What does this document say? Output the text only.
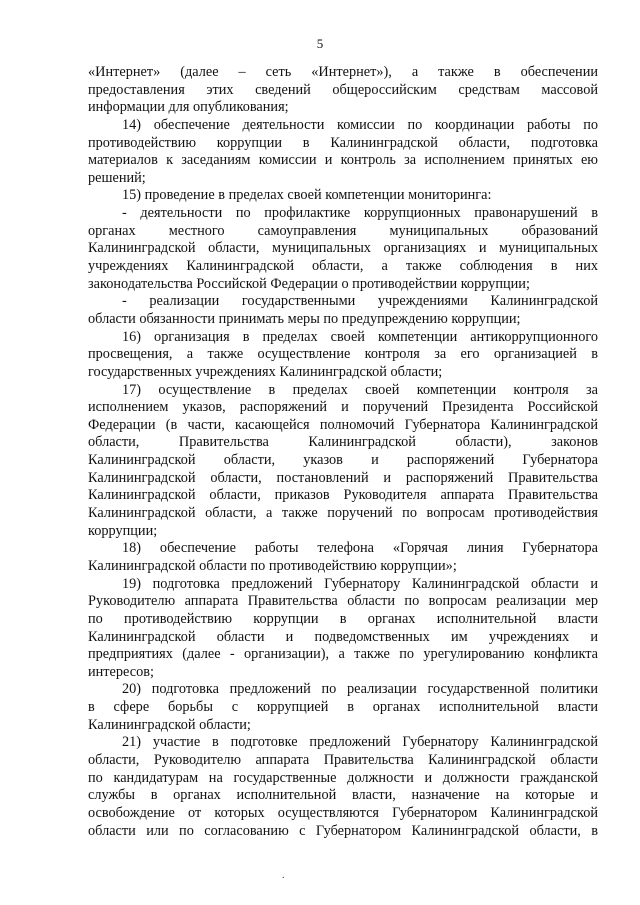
5
«Интернет» (далее – сеть «Интернет»), а также в обеспечении
предоставления этих сведений общероссийским средствам массовой
информации для опубликования;
14) обеспечение деятельности комиссии по координации работы по
противодействию коррупции в Калининградской области, подготовка
материалов к заседаниям комиссии и контроль за исполнением принятых ею
решений;
15) проведение в пределах своей компетенции мониторинга:
- деятельности по профилактике коррупционных правонарушений в
органах местного самоуправления муниципальных образований
Калининградской области, муниципальных организациях и муниципальных
учреждениях Калининградской области, а также соблюдения в них
законодательства Российской Федерации о противодействии коррупции;
- реализации государственными учреждениями Калининградской
области обязанности принимать меры по предупреждению коррупции;
16) организация в пределах своей компетенции антикоррупционного
просвещения, а также осуществление контроля за его организацией в
государственных учреждениях Калининградской области;
17) осуществление в пределах своей компетенции контроля за
исполнением указов, распоряжений и поручений Президента Российской
Федерации (в части, касающейся полномочий Губернатора Калининградской
области, Правительства Калининградской области), законов
Калининградской области, указов и распоряжений Губернатора
Калининградской области, постановлений и распоряжений Правительства
Калининградской области, приказов Руководителя аппарата Правительства
Калининградской области, а также поручений по вопросам противодействия
коррупции;
18) обеспечение работы телефона «Горячая линия Губернатора
Калининградской области по противодействию коррупции»;
19) подготовка предложений Губернатору Калининградской области и
Руководителю аппарата Правительства области по вопросам реализации мер
по противодействию коррупции в органах исполнительной власти
Калининградской области и подведомственных им учреждениях и
предприятиях (далее - организации), а также по урегулированию конфликта
интересов;
20) подготовка предложений по реализации государственной политики
в сфере борьбы с коррупцией в органах исполнительной власти
Калининградской области;
21) участие в подготовке предложений Губернатору Калининградской
области, Руководителю аппарата Правительства Калининградской области
по кандидатурам на государственные должности и должности гражданской
службы в органах исполнительной власти, назначение на которые и
освобождение от которых осуществляются Губернатором Калининградской
области или по согласованию с Губернатором Калининградской области, в
.
